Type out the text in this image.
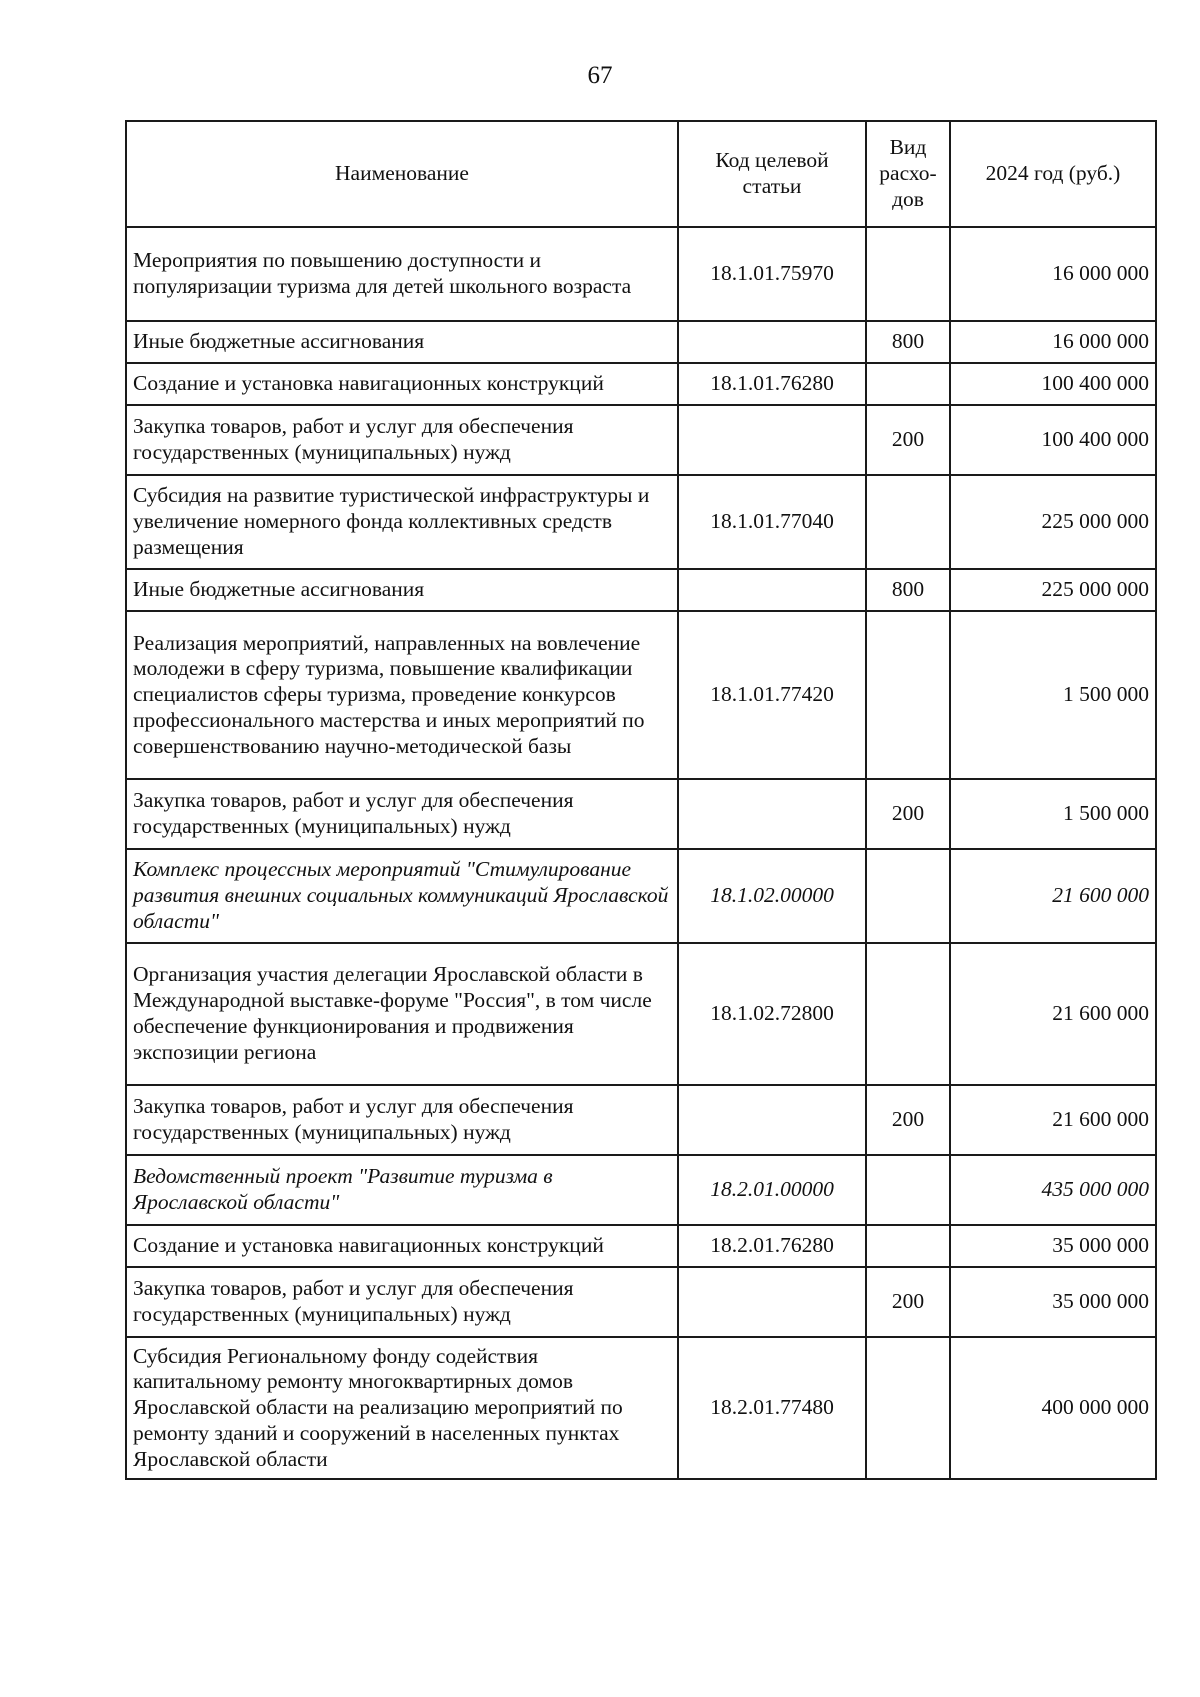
67
Наименование	Код целевой статьи	Вид расхо-дов	2024 год (руб.)
Мероприятия по повышению доступности и популяризации туризма для детей школьного возраста	18.1.01.75970		16 000 000
Иные бюджетные ассигнования		800	16 000 000
Создание и установка навигационных конструкций	18.1.01.76280		100 400 000
Закупка товаров, работ и услуг для обеспечения государственных (муниципальных) нужд		200	100 400 000
Субсидия на развитие туристической инфраструктуры и увеличение номерного фонда коллективных средств размещения	18.1.01.77040		225 000 000
Иные бюджетные ассигнования		800	225 000 000
Реализация мероприятий, направленных на вовлечение молодежи в сферу туризма, повышение квалификации специалистов сферы туризма, проведение конкурсов профессионального мастерства и иных мероприятий по совершенствованию научно-методической базы	18.1.01.77420		1 500 000
Закупка товаров, работ и услуг для обеспечения государственных (муниципальных) нужд		200	1 500 000
Комплекс процессных мероприятий "Стимулирование развития внешних социальных коммуникаций Ярославской области"	18.1.02.00000		21 600 000
Организация участия делегации Ярославской области в Международной выставке-форуме "Россия", в том числе обеспечение функционирования и продвижения экспозиции региона	18.1.02.72800		21 600 000
Закупка товаров, работ и услуг для обеспечения государственных (муниципальных) нужд		200	21 600 000
Ведомственный проект "Развитие туризма в Ярославской области"	18.2.01.00000		435 000 000
Создание и установка навигационных конструкций	18.2.01.76280		35 000 000
Закупка товаров, работ и услуг для обеспечения государственных (муниципальных) нужд		200	35 000 000
Субсидия Региональному фонду содействия капитальному ремонту многоквартирных домов Ярославской области на реализацию мероприятий по ремонту зданий и сооружений в населенных пунктах Ярославской области	18.2.01.77480		400 000 000
